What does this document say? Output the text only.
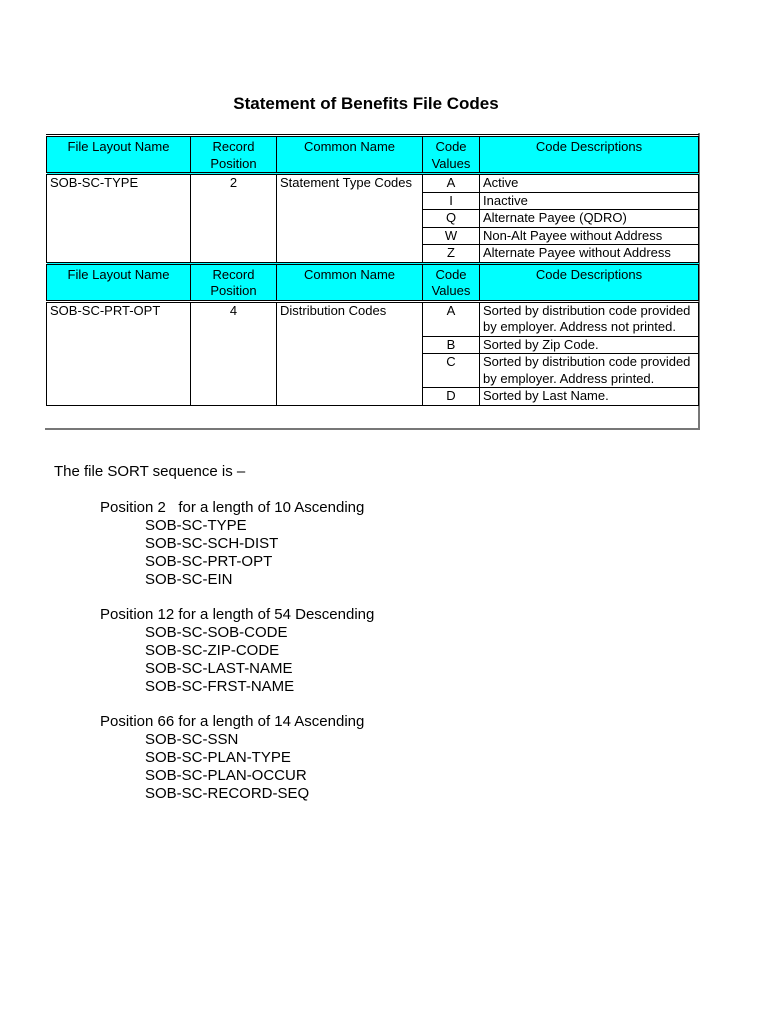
Statement of Benefits File Codes
File Layout Name	Record Position	Common Name	Code Values	Code Descriptions
SOB-SC-TYPE	2	Statement Type Codes	A	Active
			I	Inactive
			Q	Alternate Payee (QDRO)
			W	Non-Alt Payee without Address
			Z	Alternate Payee without Address
File Layout Name	Record Position	Common Name	Code Values	Code Descriptions
SOB-SC-PRT-OPT	4	Distribution Codes	A	Sorted by distribution code provided by employer. Address not printed.
			B	Sorted by Zip Code.
			C	Sorted by distribution code provided by employer. Address printed.
			D	Sorted by Last Name.
The file SORT sequence is –
Position 2   for a length of 10 Ascending
SOB-SC-TYPE
SOB-SC-SCH-DIST
SOB-SC-PRT-OPT
SOB-SC-EIN
Position 12 for a length of 54 Descending
SOB-SC-SOB-CODE
SOB-SC-ZIP-CODE
SOB-SC-LAST-NAME
SOB-SC-FRST-NAME
Position 66 for a length of 14 Ascending
SOB-SC-SSN
SOB-SC-PLAN-TYPE
SOB-SC-PLAN-OCCUR
SOB-SC-RECORD-SEQ
